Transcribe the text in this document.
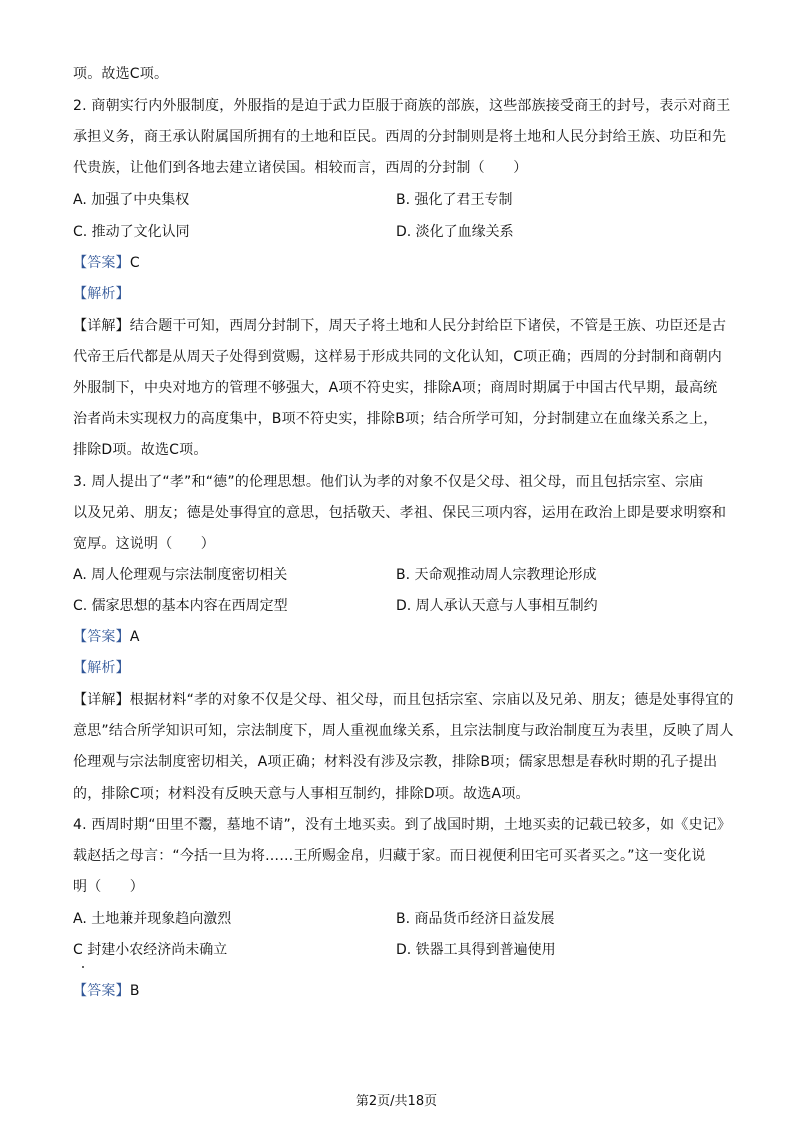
项。故选C项。
2. 商朝实行内外服制度，外服指的是迫于武力臣服于商族的部族，这些部族接受商王的封号，表示对商王
承担义务，商王承认附属国所拥有的土地和臣民。西周的分封制则是将土地和人民分封给王族、功臣和先
代贵族，让他们到各地去建立诸侯国。相较而言，西周的分封制（　　）
A. 加强了中央集权	B. 强化了君王专制
C. 推动了文化认同	D. 淡化了血缘关系
【答案】C
【解析】
【详解】结合题干可知，西周分封制下，周天子将土地和人民分封给臣下诸侯，不管是王族、功臣还是古
代帝王后代都是从周天子处得到赏赐，这样易于形成共同的文化认知，C项正确；西周的分封制和商朝内
外服制下，中央对地方的管理不够强大，A项不符史实，排除A项；商周时期属于中国古代早期，最高统
治者尚未实现权力的高度集中，B项不符史实，排除B项；结合所学可知，分封制建立在血缘关系之上，
排除D项。故选C项。
3. 周人提出了“孝”和“德”的伦理思想。他们认为孝的对象不仅是父母、祖父母，而且包括宗室、宗庙
以及兄弟、朋友；德是处事得宜的意思，包括敬天、孝祖、保民三项内容，运用在政治上即是要求明察和
宽厚。这说明（　　）
A. 周人伦理观与宗法制度密切相关	B. 天命观推动周人宗教理论形成
C. 儒家思想的基本内容在西周定型	D. 周人承认天意与人事相互制约
【答案】A
【解析】
【详解】根据材料“孝的对象不仅是父母、祖父母，而且包括宗室、宗庙以及兄弟、朋友；德是处事得宜的
意思”结合所学知识可知，宗法制度下，周人重视血缘关系，且宗法制度与政治制度互为表里，反映了周人
伦理观与宗法制度密切相关，A项正确；材料没有涉及宗教，排除B项；儒家思想是春秋时期的孔子提出
的，排除C项；材料没有反映天意与人事相互制约，排除D项。故选A项。
4. 西周时期“田里不鬻，墓地不请”，没有土地买卖。到了战国时期，土地买卖的记载已较多，如《史记》
载赵括之母言：“今括一旦为将……王所赐金帛，归藏于家。而日视便利田宅可买者买之。”这一变化说
明（　　）
A. 土地兼并现象趋向激烈	B. 商品货币经济日益发展
C 封建小农经济尚未确立	D. 铁器工具得到普遍使用
【答案】B
第2页/共18页
